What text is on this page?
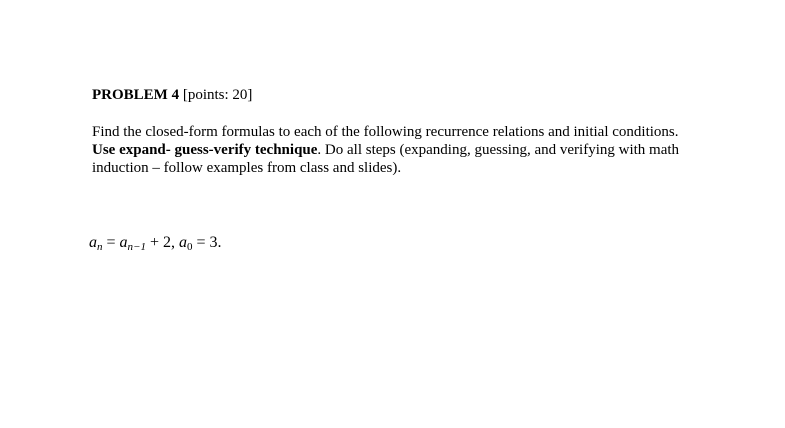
PROBLEM 4 [points: 20]
Find the closed-form formulas to each of the following recurrence relations and initial conditions. Use expand- guess-verify technique. Do all steps (expanding, guessing, and verifying with math induction – follow examples from class and slides).
$a_n = a_{n-1} + 2$, $a_0 = 3$.
